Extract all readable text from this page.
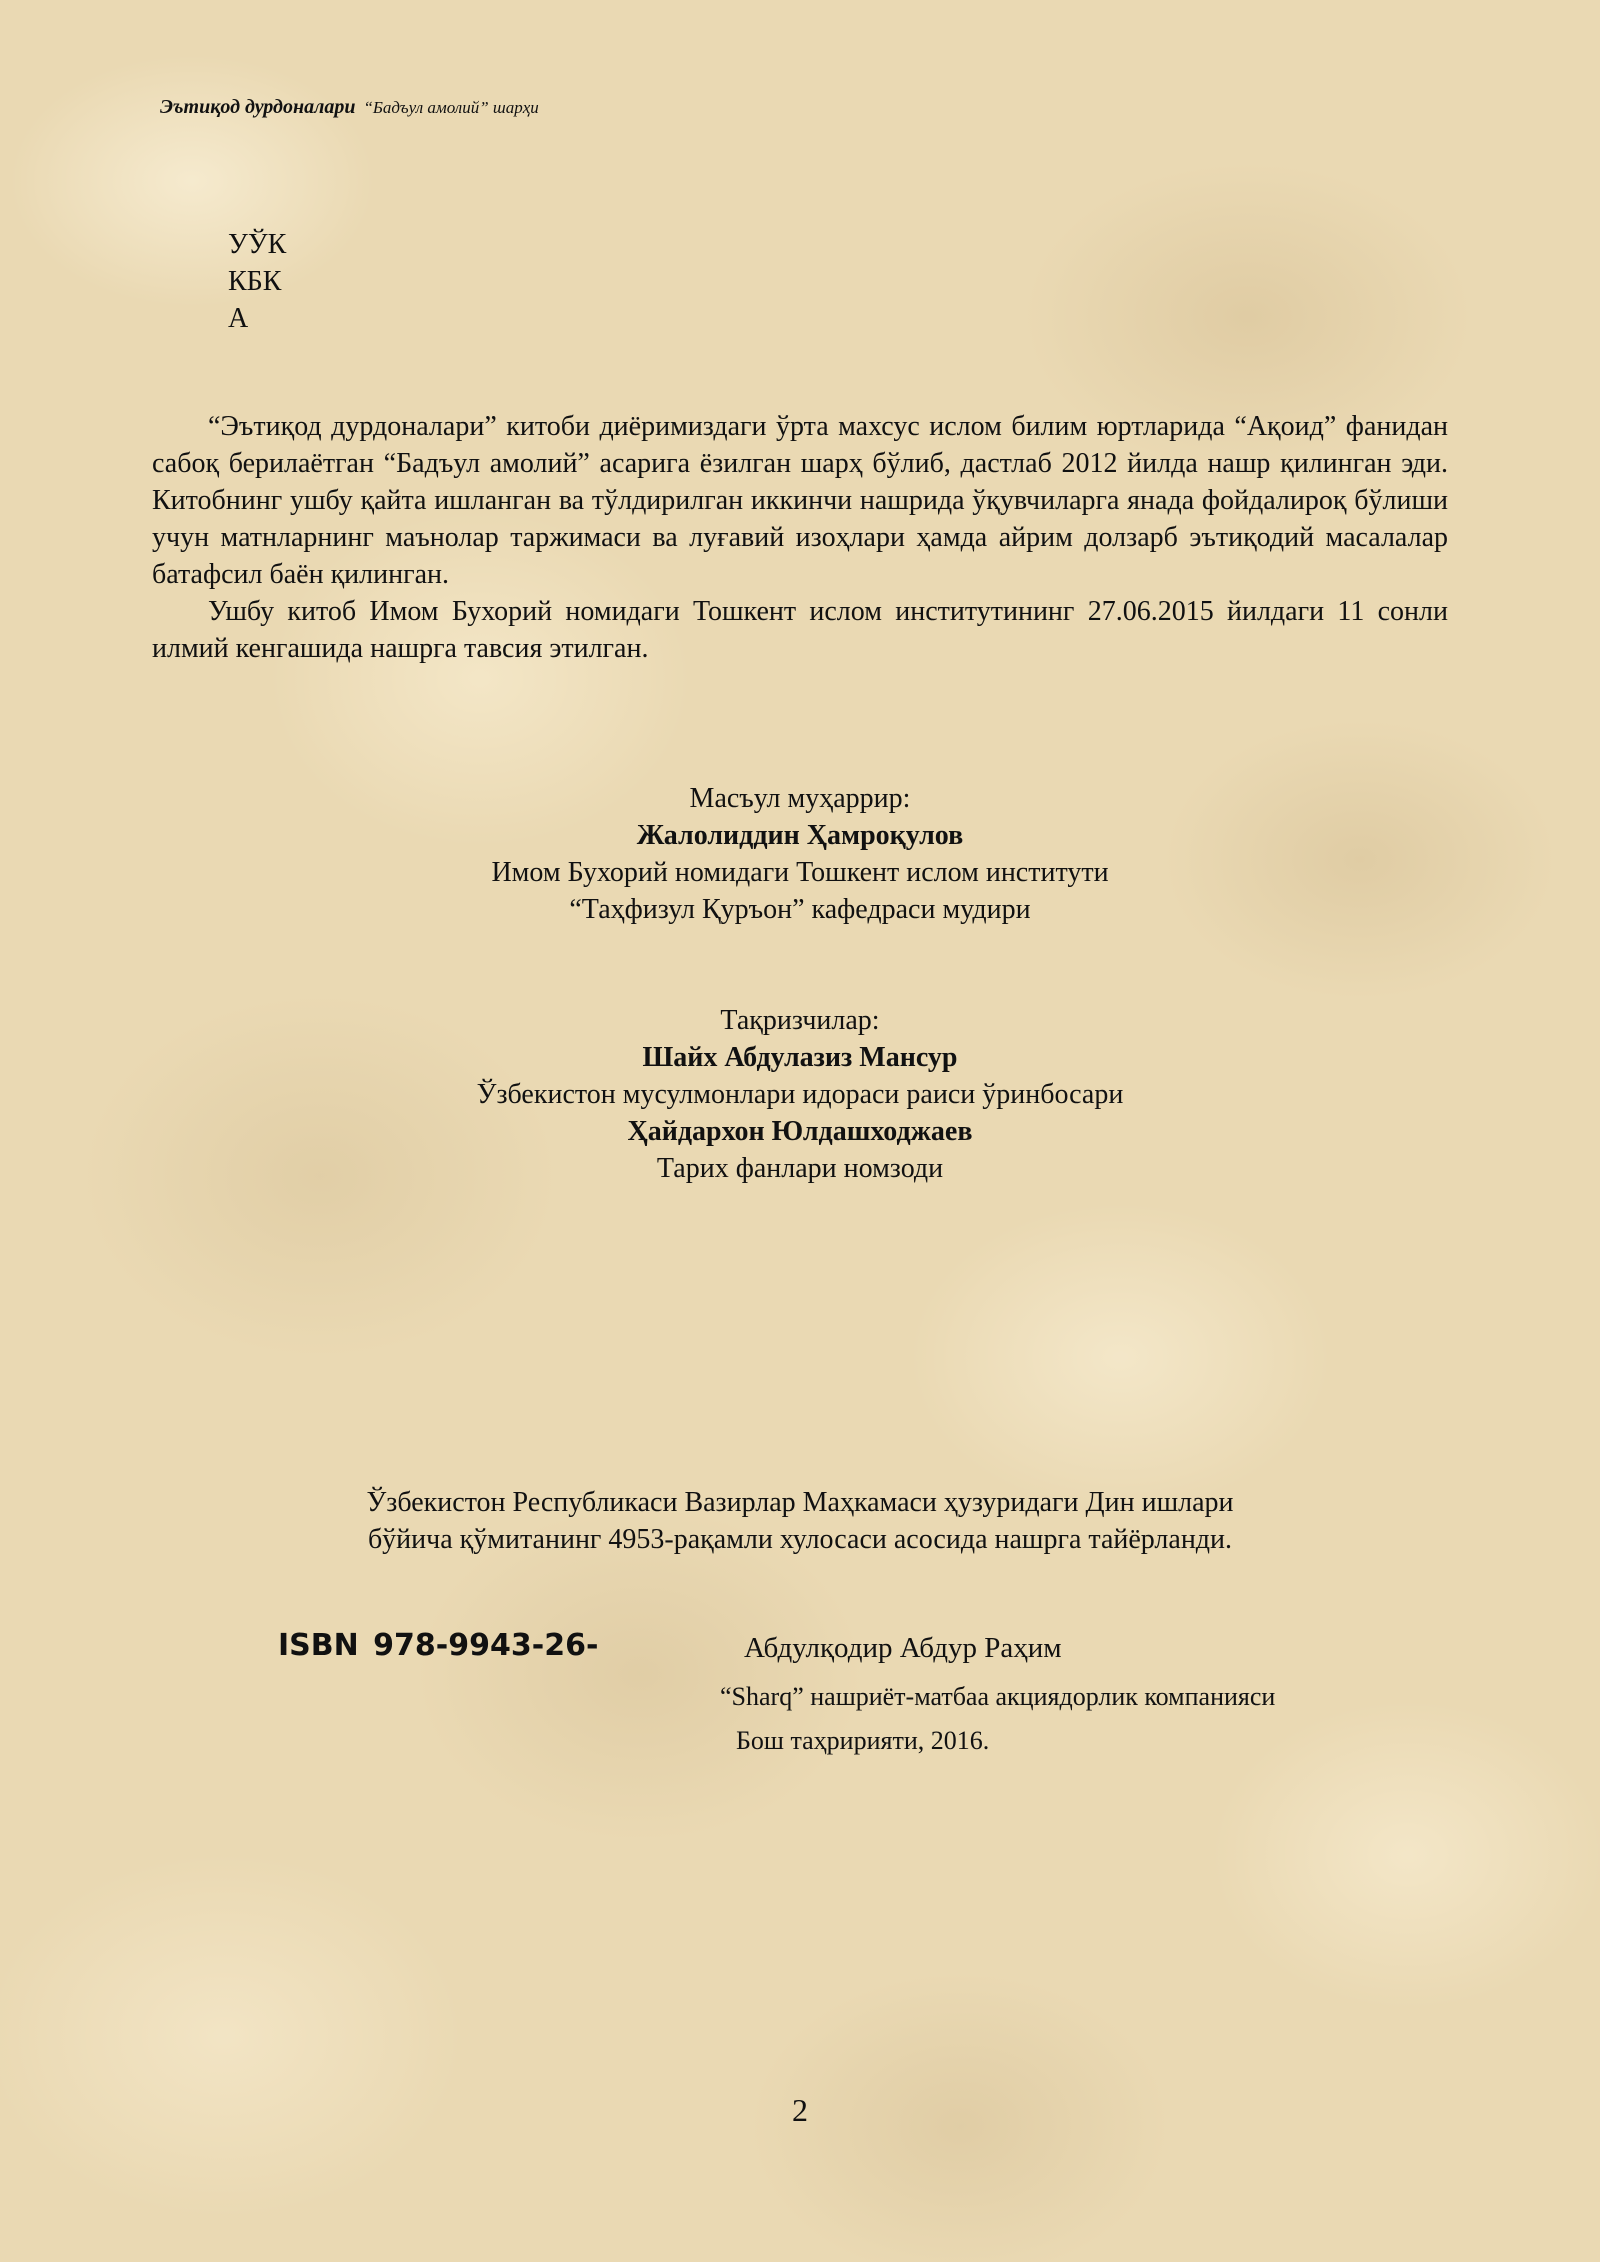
Эътиқод дурдоналари “Бадъул амолий” шарҳи
УЎК
КБК
А

“Эътиқод дурдоналари” китоби диёримиздаги ўрта махсус ислом билим юртларида “Ақоид” фанидан сабоқ берилаётган “Бадъул амолий” асарига ёзилган шарҳ бўлиб, дастлаб 2012 йилда нашр қилинган эди. Китобнинг ушбу қайта ишланган ва тўлдирилган иккинчи нашрида ўқувчиларга янада фойдалироқ бўлиши учун матнларнинг маънолар таржимаси ва луғавий изоҳлари ҳамда айрим долзарб эътиқодий масалалар батафсил баён қилинган.

Ушбу китоб Имом Бухорий номидаги Тошкент ислом институтининг 27.06.2015 йилдаги 11 сонли илмий кенгашида нашрга тавсия этилган.

Масъул муҳаррир:
Жалолиддин Ҳамроқулов
Имом Бухорий номидаги Тошкент ислом институти
“Таҳфизул Қуръон” кафедраси мудири
Тақризчилар:
Шайх Абдулазиз Мансур
Ўзбекистон мусулмонлари идораси раиси ўринбосари
Ҳайдархон Юлдашходжаев
Тарих фанлари номзоди
Ўзбекистон Республикаси Вазирлар Маҳкамаси ҳузуридаги Дин ишлари
бўйича қўмитанинг 4953-рақамли хулосаси асосида нашрга тайёрланди.
ISBN 978-9943-26-	Абдулқодир Абдур Раҳим
“Sharq” нашриёт-матбаа акциядорлик компанияси
Бош таҳририяти, 2016.
2
